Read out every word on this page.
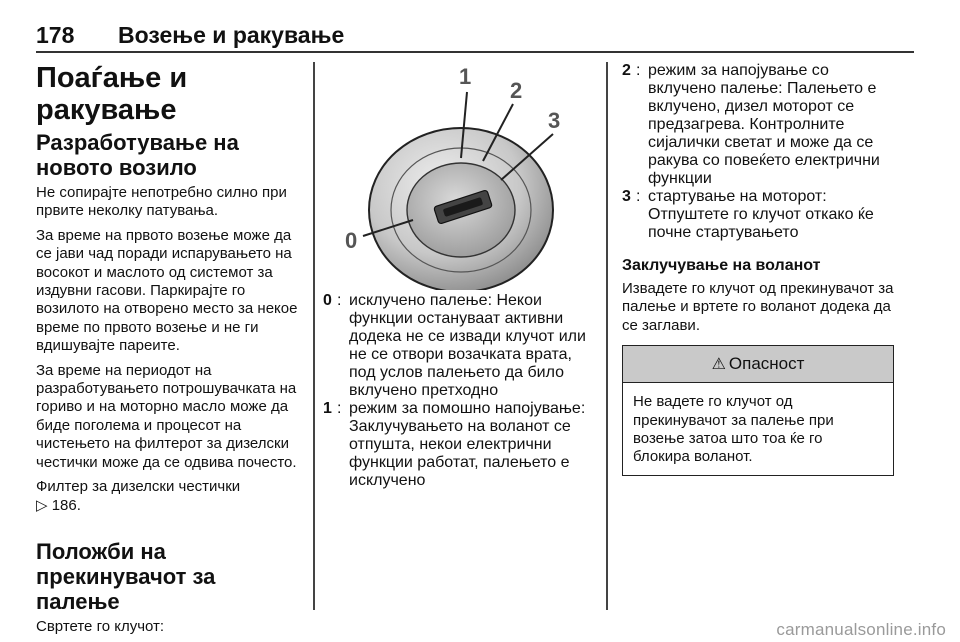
178 Возење и ракување
Поаѓање и ракување
Разработување на новото возило

Не сопирајте непотребно силно при првите неколку патувања.

За време на првото возење може да се јави чад поради испарувањето на восокот и маслото од системот за издувни гасови. Паркирајте го возилото на отворено место за некое време по првото возење и не ги вдишувајте пареите.

За време на периодот на разработувањето потрошувачката на гориво и на моторно масло може да биде поголема и процесот на чистењето на филтерот за дизелски честички може да се одвива почесто.

Филтер за дизелски честички
▷ 186.

Положби на прекинувачот за палење

Свртете го клучот:

1
2
3
0
0 : исклучено палење: Некои функции остануваат активни додека не се извади клучот или не се отвори возачката врата, под услов палењето да било вклучено претходно
1 : режим за помошно напојување: Заклучувањето на воланот се отпушта, некои електрични функции работат, палењето е исклучено
2 : режим за напојување со вклучено палење: Палењето е вклучено, дизел моторот се предзагрева. Контролните сијалички светат и може да се ракува со повеќето електрични функции
3 : стартување на моторот: Отпуштете го клучот откако ќе почне стартувањето
Заклучување на воланот

Извадете го клучот од прекинувачот за палење и вртете го воланот додека да се заглави.

⚠ Опасност
Не вадете го клучот од прекинувачот за палење при возење затоа што тоа ќе го блокира воланот.
carmanualsonline.info
